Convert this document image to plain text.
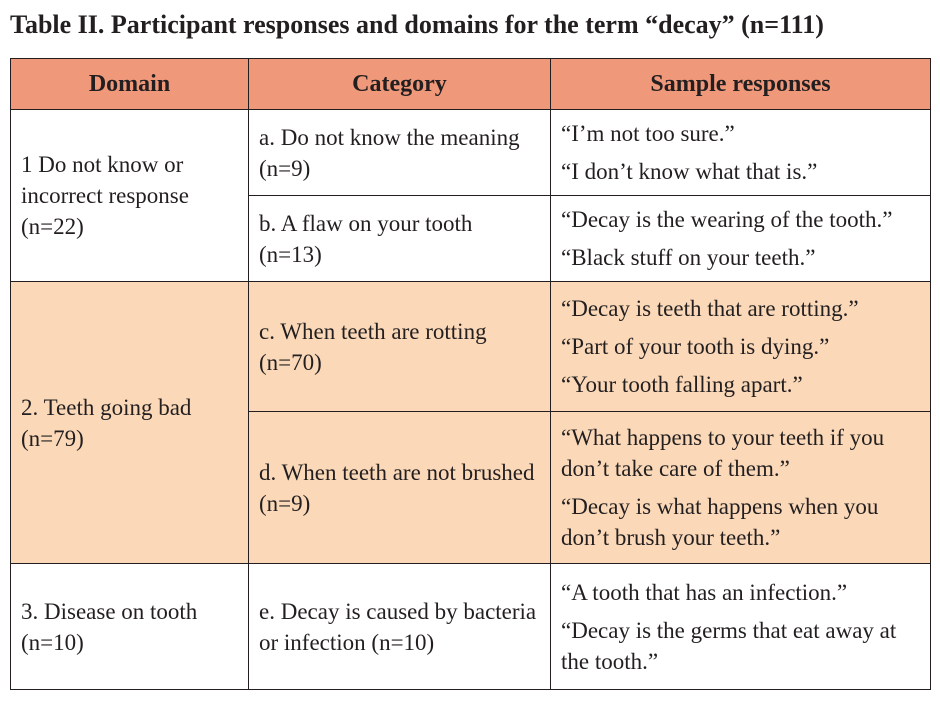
Table II. Participant responses and domains for the term “decay” (n=111)
Domain	Category	Sample responses
1 Do not know or incorrect response (n=22)	a. Do not know the meaning (n=9)	“I’m not too sure.”
“I don’t know what that is.”

	b. A flaw on your tooth (n=13)	“Decay is the wearing of the tooth.”
“Black stuff on your teeth.”

2. Teeth going bad (n=79)	c. When teeth are rotting (n=70)	“Decay is teeth that are rotting.”
“Part of your tooth is dying.”
“Your tooth falling apart.”

	d. When teeth are not brushed (n=9)	“What happens to your teeth if you don’t take care of them.”
“Decay is what happens when you don’t brush your teeth.”

3. Disease on tooth (n=10)	e. Decay is caused by bacteria or infection (n=10)	“A tooth that has an infection.”
“Decay is the germs that eat away at the tooth.”
